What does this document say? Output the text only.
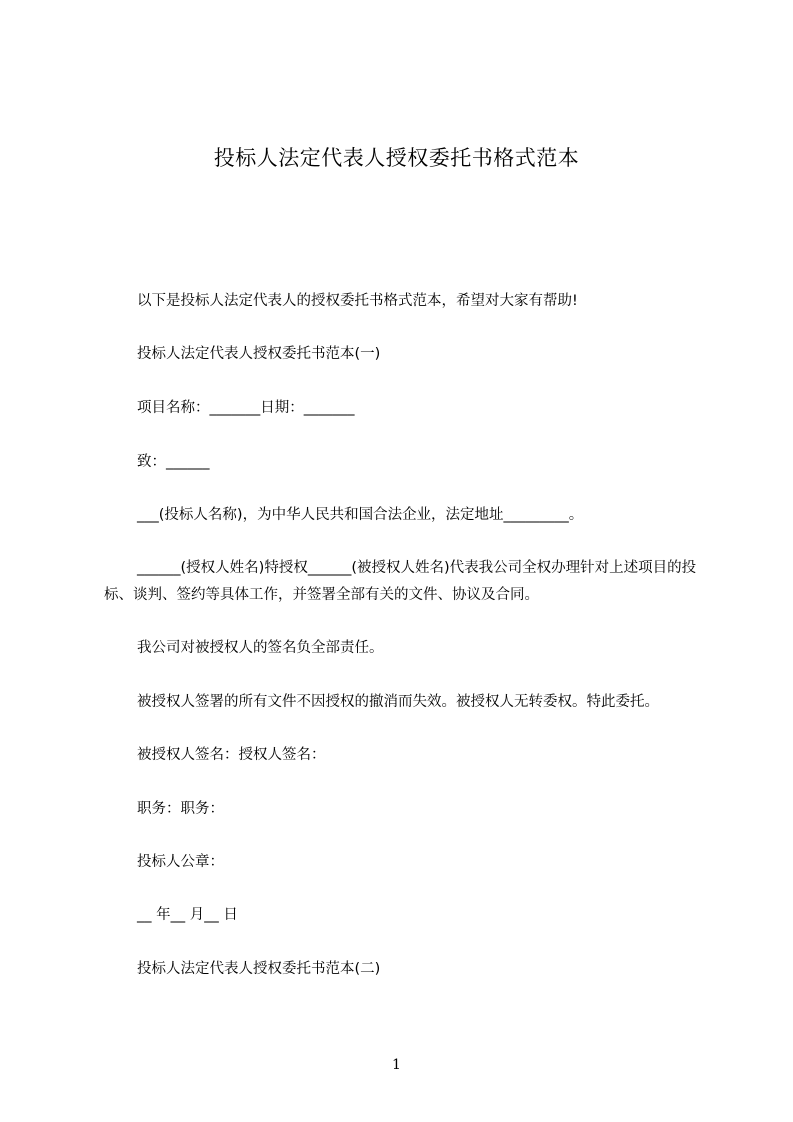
投标人法定代表人授权委托书格式范本
以下是投标人法定代表人的授权委托书格式范本，希望对大家有帮助!
投标人法定代表人授权委托书范本(一)
项目名称：_______日期：_______
致：______
___(投标人名称)，为中华人民共和国合法企业，法定地址_________。
______(授权人姓名)特授权______(被授权人姓名)代表我公司全权办理针对上述项目的投标、谈判、签约等具体工作，并签署全部有关的文件、协议及合同。
我公司对被授权人的签名负全部责任。
被授权人签署的所有文件不因授权的撤消而失效。被授权人无转委权。特此委托。
被授权人签名：授权人签名：
职务：职务：
投标人公章：
__ 年__ 月__ 日
投标人法定代表人授权委托书范本(二)
1
